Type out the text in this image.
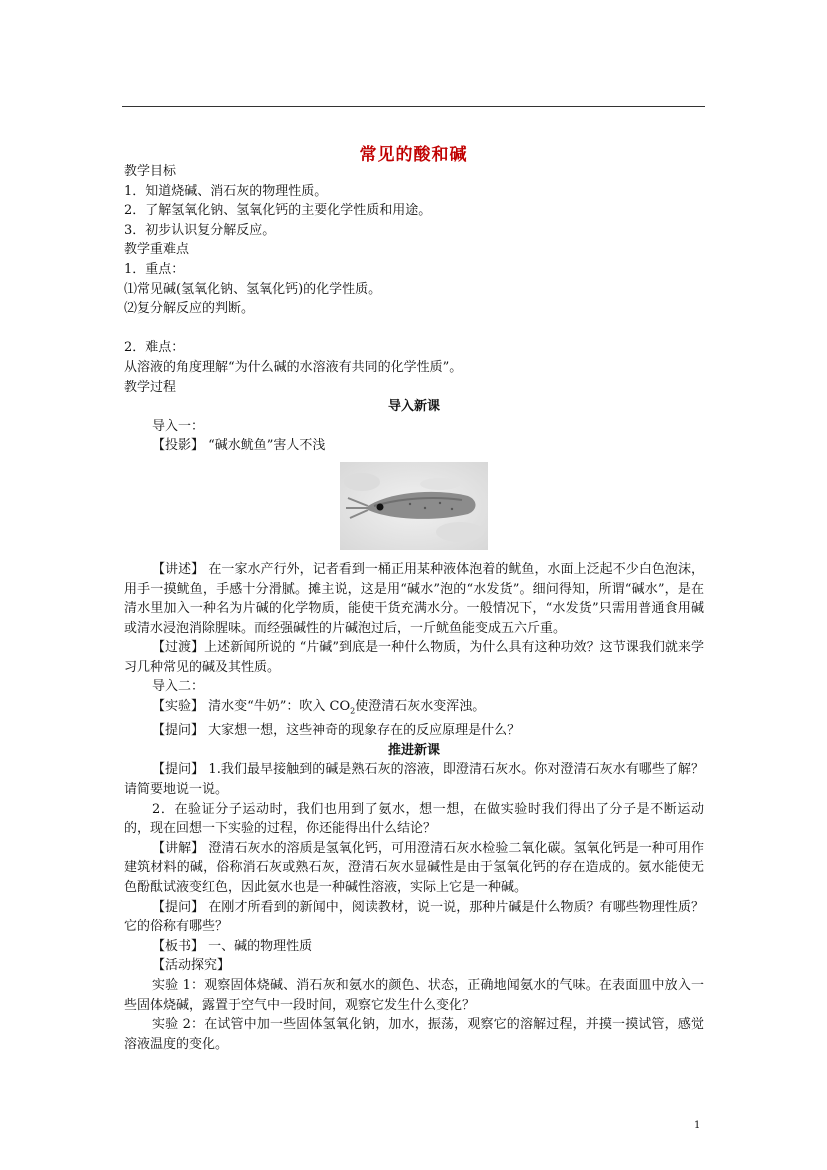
常见的酸和碱

教学目标

1．知道烧碱、消石灰的物理性质。

2．了解氢氧化钠、氢氧化钙的主要化学性质和用途。

3．初步认识复分解反应。

教学重难点

1．重点：

⑴常见碱(氢氧化钠、氢氧化钙)的化学性质。

⑵复分解反应的判断。

2．难点：

从溶液的角度理解“为什么碱的水溶液有共同的化学性质”。

教学过程

导入新课

导入一：

【投影】 “碱水鱿鱼”害人不浅

【讲述】 在一家水产行外，记者看到一桶正用某种液体泡着的鱿鱼，水面上泛起不少白色泡沫，用手一摸鱿鱼，手感十分滑腻。摊主说，这是用“碱水”泡的“水发货”。细问得知，所谓“碱水”，是在清水里加入一种名为片碱的化学物质，能使干货充满水分。一般情况下，“水发货”只需用普通食用碱或清水浸泡消除腥味。而经强碱性的片碱泡过后，一斤鱿鱼能变成五六斤重。

【过渡】上述新闻所说的 “片碱”到底是一种什么物质，为什么具有这种功效？这节课我们就来学习几种常见的碱及其性质。

导入二：

【实验】 清水变“牛奶”：吹入 $CO_2$使澄清石灰水变浑浊。

【提问】 大家想一想，这些神奇的现象存在的反应原理是什么？

推进新课

【提问】 1.我们最早接触到的碱是熟石灰的溶液，即澄清石灰水。你对澄清石灰水有哪些了解？请简要地说一说。

2．在验证分子运动时，我们也用到了氨水，想一想，在做实验时我们得出了分子是不断运动的，现在回想一下实验的过程，你还能得出什么结论？

【讲解】 澄清石灰水的溶质是氢氧化钙，可用澄清石灰水检验二氧化碳。氢氧化钙是一种可用作建筑材料的碱，俗称消石灰或熟石灰，澄清石灰水显碱性是由于氢氧化钙的存在造成的。氨水能使无色酚酞试液变红色，因此氨水也是一种碱性溶液，实际上它是一种碱。

【提问】 在刚才所看到的新闻中，阅读教材，说一说，那种片碱是什么物质？有哪些物理性质？它的俗称有哪些？

【板书】 一、碱的物理性质

【活动探究】

实验 1：观察固体烧碱、消石灰和氨水的颜色、状态，正确地闻氨水的气味。在表面皿中放入一些固体烧碱，露置于空气中一段时间，观察它发生什么变化？

实验 2：在试管中加一些固体氢氧化钠，加水，振荡，观察它的溶解过程，并摸一摸试管，感觉溶液温度的变化。

1
